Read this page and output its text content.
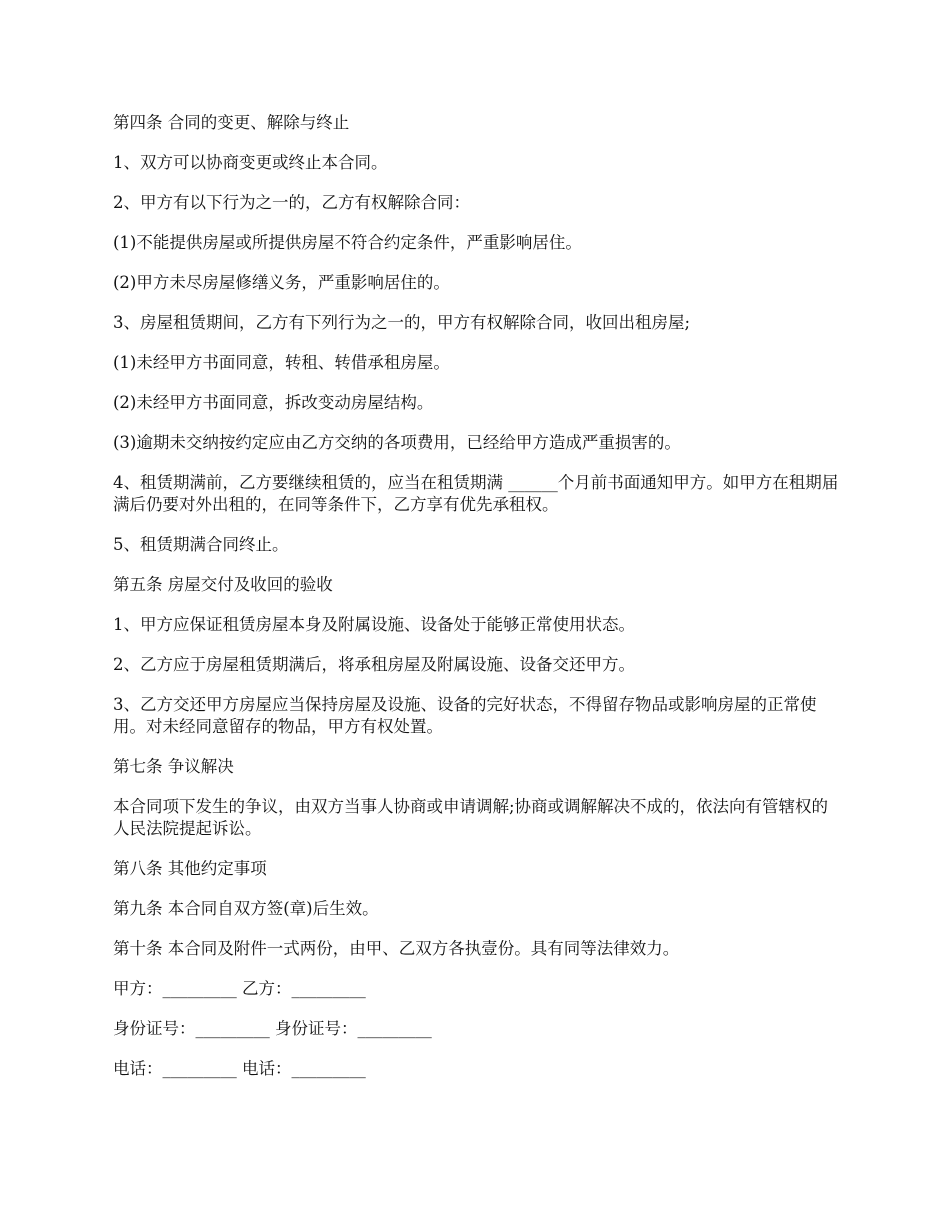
第四条 合同的变更、解除与终止

1、双方可以协商变更或终止本合同。

2、甲方有以下行为之一的，乙方有权解除合同：

(1)不能提供房屋或所提供房屋不符合约定条件，严重影响居住。

(2)甲方未尽房屋修缮义务，严重影响居住的。

3、房屋租赁期间，乙方有下列行为之一的，甲方有权解除合同，收回出租房屋;

(1)未经甲方书面同意，转租、转借承租房屋。

(2)未经甲方书面同意，拆改变动房屋结构。

(3)逾期未交纳按约定应由乙方交纳的各项费用，已经给甲方造成严重损害的。

4、租赁期满前，乙方要继续租赁的，应当在租赁期满 ______个月前书面通知甲方。如甲方在租期届满后仍要对外出租的，在同等条件下，乙方享有优先承租权。

5、租赁期满合同终止。

第五条 房屋交付及收回的验收

1、甲方应保证租赁房屋本身及附属设施、设备处于能够正常使用状态。

2、乙方应于房屋租赁期满后，将承租房屋及附属设施、设备交还甲方。

3、乙方交还甲方房屋应当保持房屋及设施、设备的完好状态，不得留存物品或影响房屋的正常使用。对未经同意留存的物品，甲方有权处置。

第七条 争议解决

本合同项下发生的争议，由双方当事人协商或申请调解;协商或调解解决不成的，依法向有管辖权的人民法院提起诉讼。

第八条 其他约定事项

第九条 本合同自双方签(章)后生效。

第十条 本合同及附件一式两份，由甲、乙双方各执壹份。具有同等法律效力。

甲方：_________ 乙方：_________

身份证号：_________ 身份证号：_________

电话：_________ 电话：_________
